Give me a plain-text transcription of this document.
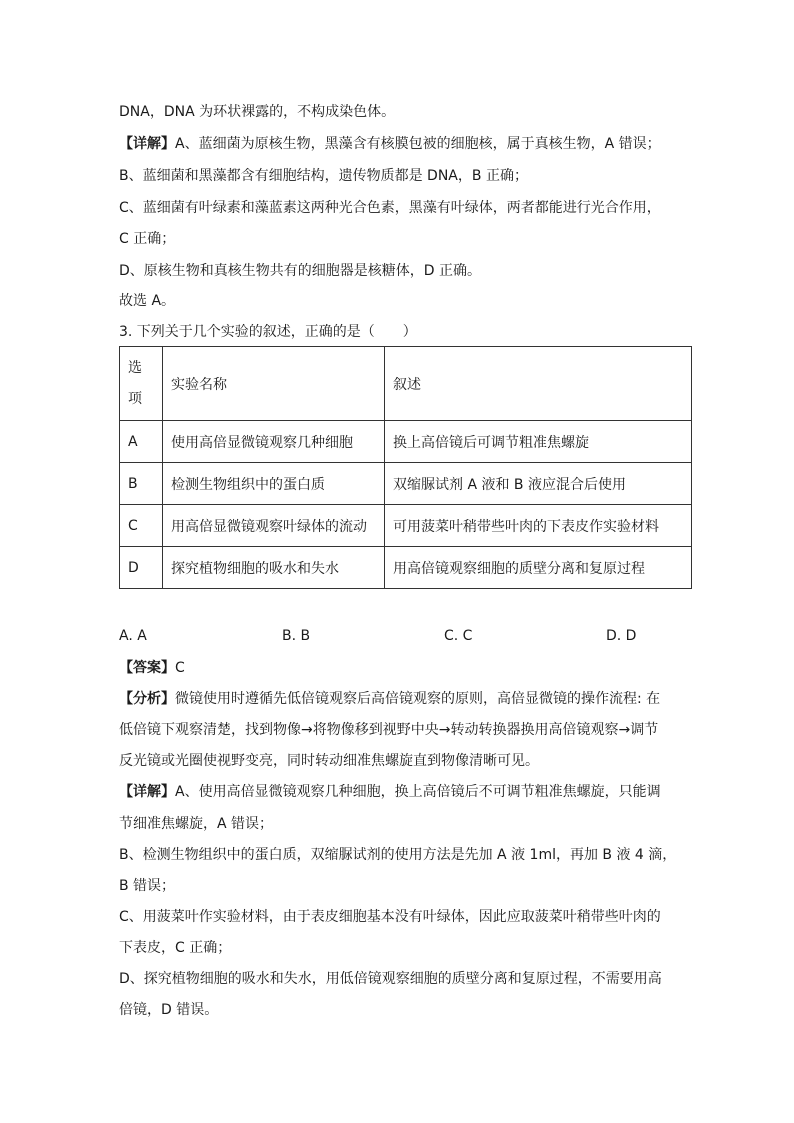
DNA，DNA 为环状裸露的，不构成染色体。
【详解】A、蓝细菌为原核生物，黑藻含有核膜包被的细胞核，属于真核生物，A 错误；
B、蓝细菌和黑藻都含有细胞结构，遗传物质都是 DNA，B 正确；
C、蓝细菌有叶绿素和藻蓝素这两种光合色素，黑藻有叶绿体，两者都能进行光合作用，
C 正确；
D、原核生物和真核生物共有的细胞器是核糖体，D 正确。
故选 A。
3. 下列关于几个实验的叙述，正确的是（　　）
选
项	实验名称	叙述
A	使用高倍显微镜观察几种细胞	换上高倍镜后可调节粗准焦螺旋
B	检测生物组织中的蛋白质	双缩脲试剂 A 液和 B 液应混合后使用
C	用高倍显微镜观察叶绿体的流动	可用菠菜叶稍带些叶肉的下表皮作实验材料
D	探究植物细胞的吸水和失水	用高倍镜观察细胞的质壁分离和复原过程
A. A	B. B	C. C	D. D
【答案】C
【分析】微镜使用时遵循先低倍镜观察后高倍镜观察的原则，高倍显微镜的操作流程: 在
低倍镜下观察清楚，找到物像→将物像移到视野中央→转动转换器换用高倍镜观察→调节
反光镜或光圈使视野变亮，同时转动细准焦螺旋直到物像清晰可见。
【详解】A、使用高倍显微镜观察几种细胞，换上高倍镜后不可调节粗准焦螺旋，只能调
节细准焦螺旋，A 错误；
B、检测生物组织中的蛋白质，双缩脲试剂的使用方法是先加 A 液 1ml，再加 B 液 4 滴，
B 错误；
C、用菠菜叶作实验材料，由于表皮细胞基本没有叶绿体，因此应取菠菜叶稍带些叶肉的
下表皮，C 正确；
D、探究植物细胞的吸水和失水，用低倍镜观察细胞的质壁分离和复原过程，不需要用高
倍镜，D 错误。
